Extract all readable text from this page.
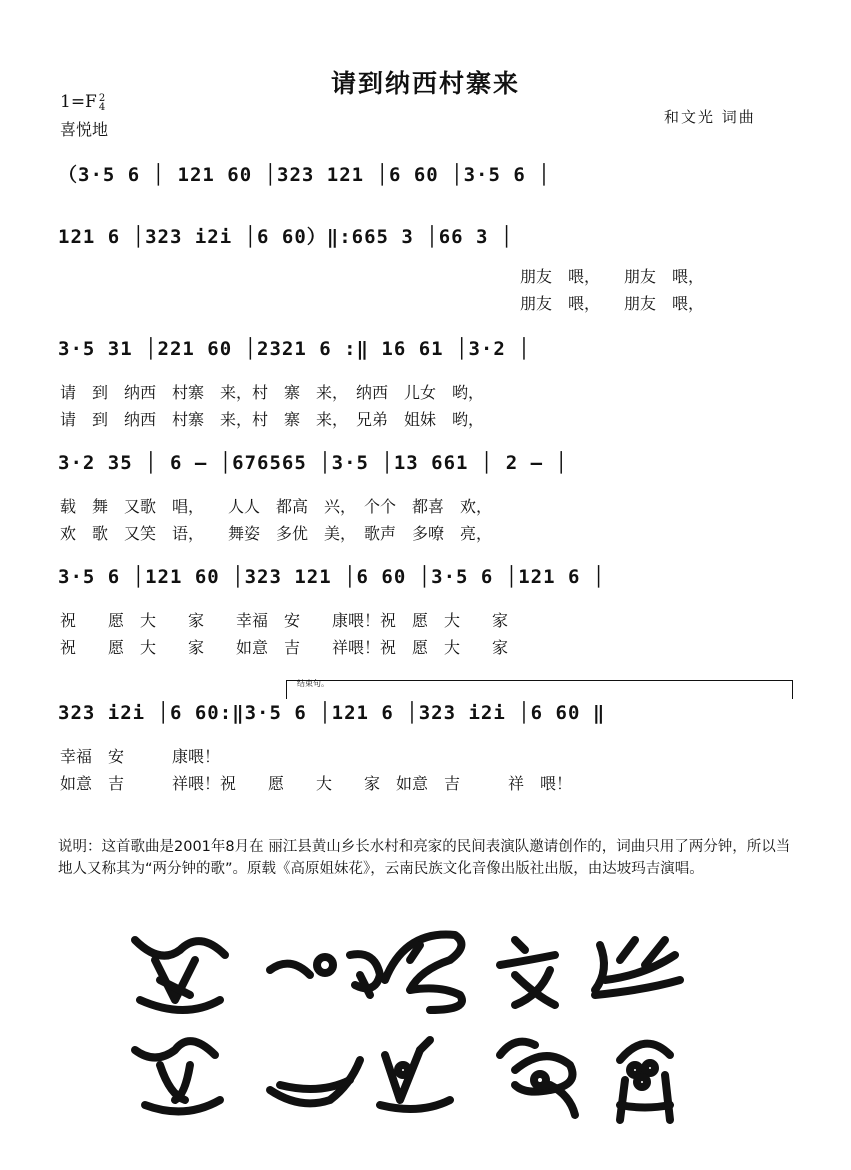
请到纳西村寨来
1=F 2
4
喜悦地
和文光 词曲
（3·5 6 │ 121 60 │323 121 │6 60 │3·5 6 │
121 6 │323 i2i │6 60）‖:665 3 │66 3 │
朋友　喂，　　朋友　喂，
朋友　喂，　　朋友　喂，
3·5 31 │221 60 │2321 6 :‖ 16 61 │3·2 │
请　到　纳西　村寨　来，村　寨　来，　纳西　儿女　哟，
请　到　纳西　村寨　来，村　寨　来，　兄弟　姐妹　哟，
3·2 35 │ 6 – │676565 │3·5 │13 661 │ 2 – │
载　舞　又歌　唱，　　人人　都高　兴，　个个　都喜　欢，
欢　歌　又笑　语，　　舞姿　多优　美，　歌声　多嘹　亮，
3·5 6 │121 60 │323 121 │6 60 │3·5 6 │121 6 │
祝　　愿　大　　家　　幸福　安　　康喂！祝　愿　大　　家
祝　　愿　大　　家　　如意　吉　　祥喂！祝　愿　大　　家
结束句。
323 i2i │6 60:‖3·5 6 │121 6 │323 i2i │6 60 ‖
幸福　安　　　康喂！
如意　吉　　　祥喂！祝　　愿　　大　　家　如意　吉　　　祥　喂！
说明：这首歌曲是2001年8月在 丽江县黄山乡长水村和亮家的民间表演队邀请创作的，词曲只用了两分钟，所以当地人又称其为“两分钟的歌”。原载《高原姐妹花》，云南民族文化音像出版社出版，由达坡玛吉演唱。
